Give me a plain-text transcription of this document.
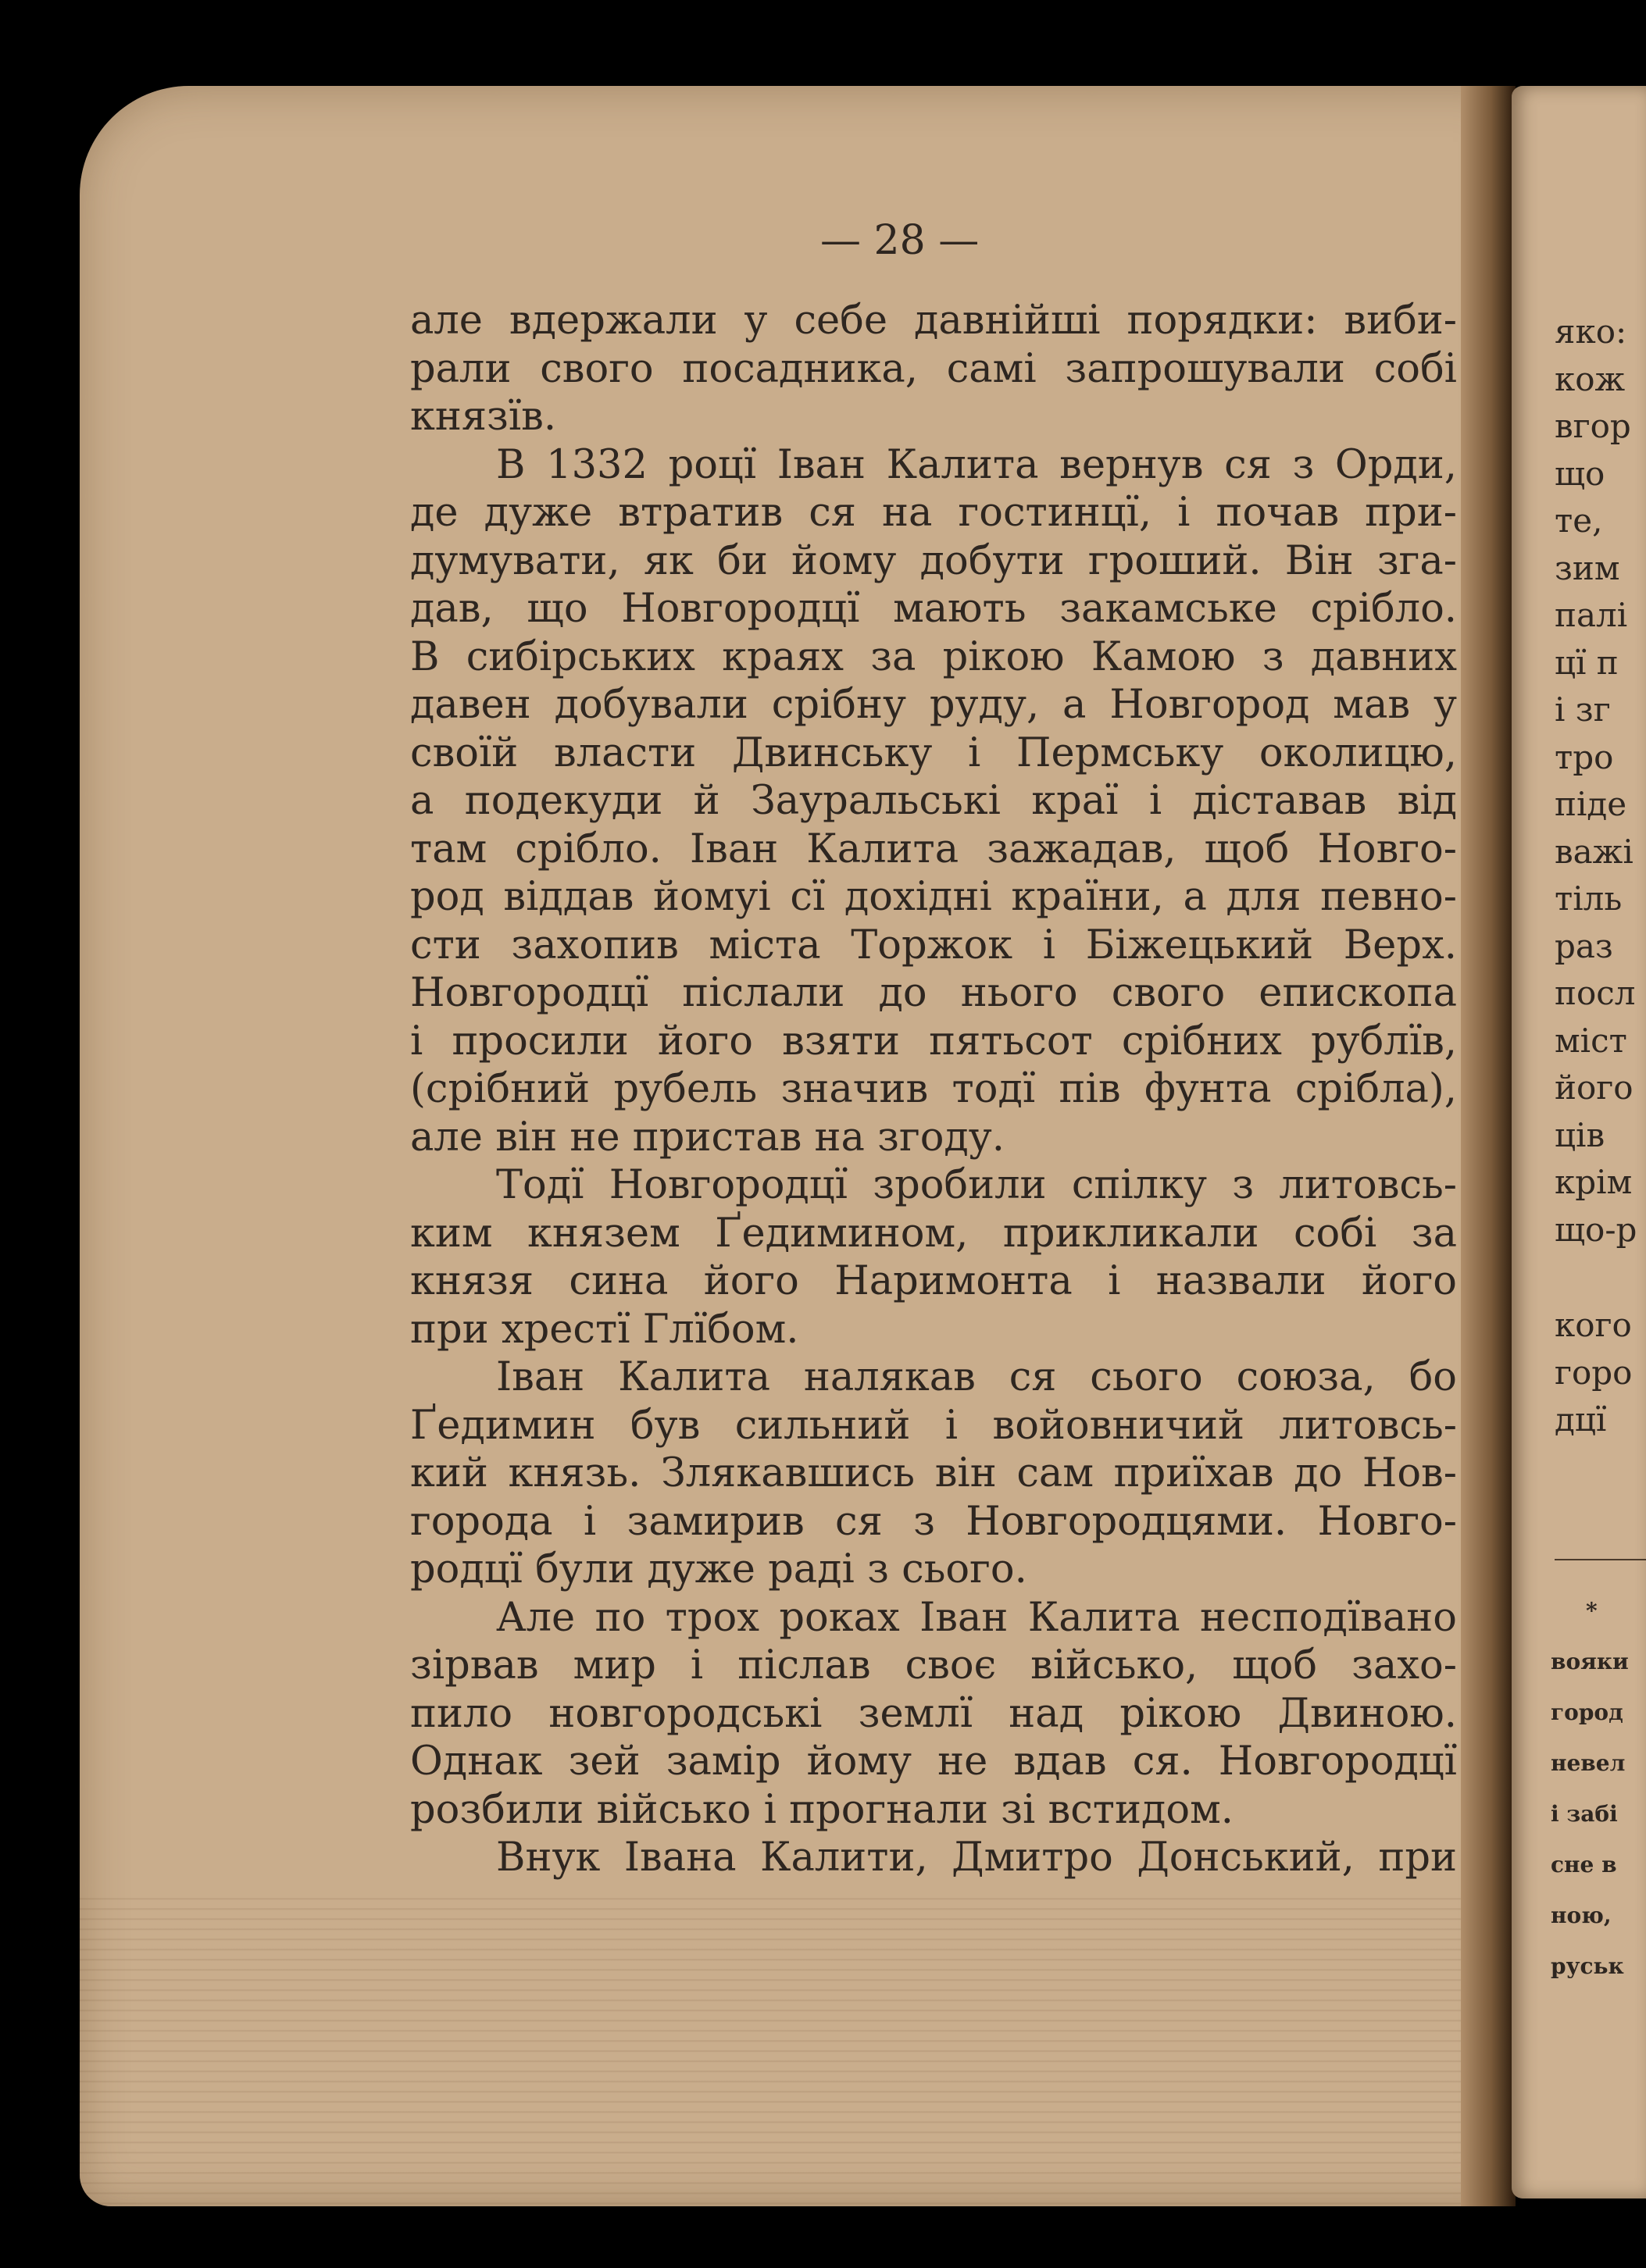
— 28 —
але вдержали у себе давнійші порядки: виби-
рали свого посадника, самі запрошували собі
князїв.
В 1332 роцї Іван Калита вернув ся з Орди,
де дуже втратив ся на гостинцї, і почав при-
думувати, як би йому добути гроший. Він зга-
дав, що Новгородцї мають закамське срібло.
В сибірських краях за рікою Камою з давних
давен добували срібну руду, а Новгород мав у
своїй власти Двинську і Пермську околицю,
а подекуди й Зауральські краї і діставав від
там срібло. Іван Калита зажадав, щоб Новго-
род віддав йомуі сї дохідні країни, а для певно-
сти захопив міста Торжок і Біжецький Верх.
Новгородцї післали до нього свого епископа
і просили його взяти пятьсот срібних рублїв,
(срібний рубель значив тодї пів фунта срібла),
але він не пристав на згоду.
Тодї Новгородцї зробили спілку з литовсь-
ким князем Ґедимином, прикликали собі за
князя сина його Наримонта і назвали його
при хрестї Глїбом.
Іван Калита налякав ся сього союза, бо
Ґедимин був сильний і войовничий литовсь-
кий князь. Злякавшись він сам приїхав до Нов-
города і замирив ся з Новгородцями. Новго-
родцї були дуже раді з сього.
Але по трох роках Іван Калита несподївано
зірвав мир і післав своє військо, щоб захо-
пило новгородські землї над рікою Двиною.
Однак зей замір йому не вдав ся. Новгородцї
розбили військо і прогнали зі встидом.
Внук Івана Калити, Дмитро Донський, при
яко:
кож
вгор
що
те,
зим
палі
цї п
і зг
тро
піде
важі
тіль
раз
посл
міст
його
ців
крім
що-р
кого
горо
дцї
*
вояки
город
невел
і забі
сне в
ною,
руськ
